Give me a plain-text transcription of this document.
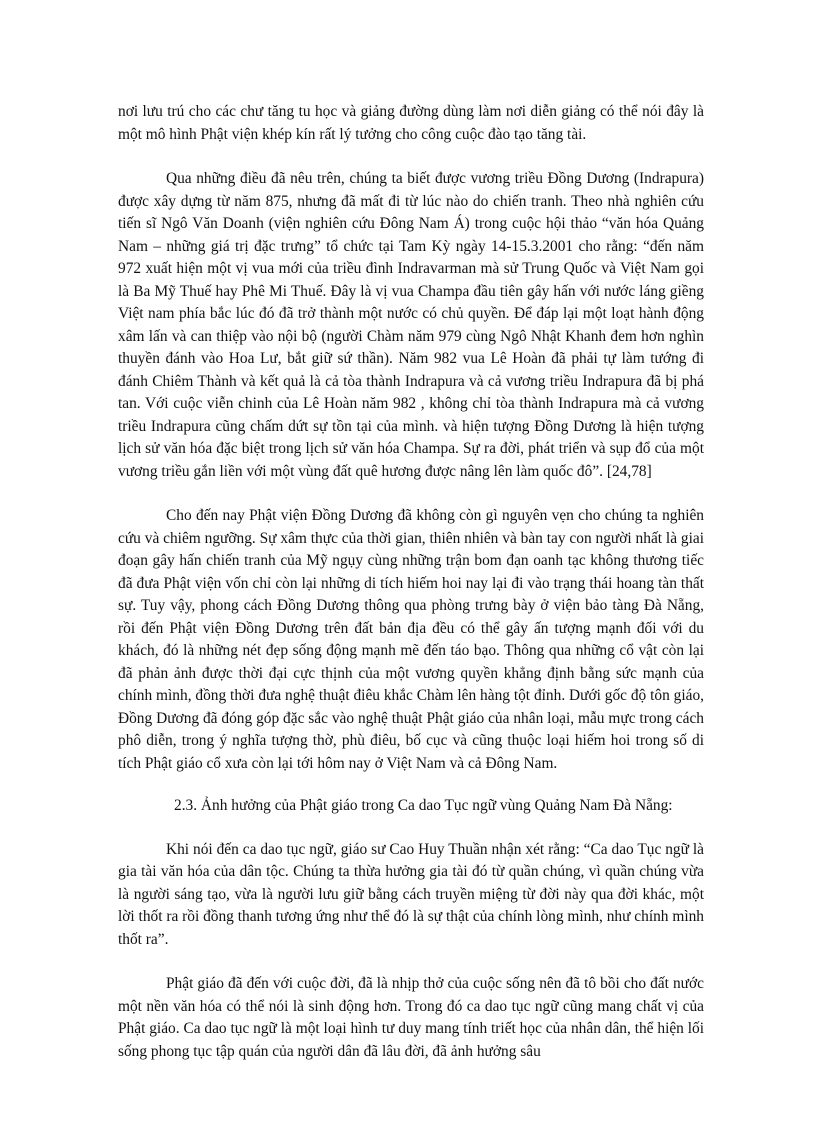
nơi lưu trú cho các chư tăng tu học và giảng đường dùng làm nơi diễn giảng có thể nói đây là một mô hình Phật viện khép kín rất lý tưởng cho công cuộc đào tạo tăng tài.

Qua những điều đã nêu trên, chúng ta biết được vương triều Đồng Dương (Indrapura) được xây dựng từ năm 875, nhưng đã mất đi từ lúc nào do chiến tranh. Theo nhà nghiên cứu tiến sĩ Ngô Văn Doanh (viện nghiên cứu Đông Nam Á) trong cuộc hội thảo “văn hóa Quảng Nam – những giá trị đặc trưng” tổ chức tại Tam Kỳ ngày 14-15.3.2001 cho rằng: “đến năm 972 xuất hiện một vị vua mới của triều đình Indravarman mà sử Trung Quốc và Việt Nam gọi là Ba Mỹ Thuế hay Phê Mi Thuế. Đây là vị vua Champa đầu tiên gây hấn với nước láng giềng Việt nam phía bắc lúc đó đã trở thành một nước có chủ quyền. Để đáp lại một loạt hành động xâm lấn và can thiệp vào nội bộ (người Chàm năm 979 cùng Ngô Nhật Khanh đem hơn nghìn thuyền đánh vào Hoa Lư, bắt giữ sứ thần). Năm 982 vua Lê Hoàn đã phải tự làm tướng đi đánh Chiêm Thành và kết quả là cả tòa thành Indrapura và cả vương triều Indrapura đã bị phá tan. Với cuộc viễn chinh của Lê Hoàn năm 982 , không chỉ tòa thành Indrapura mà cả vương triều Indrapura cũng chấm dứt sự tồn tại của mình. và hiện tượng Đồng Dương là hiện tượng lịch sử văn hóa đặc biệt trong lịch sử văn hóa Champa. Sự ra đời, phát triển và sụp đổ của một vương triều gắn liền với một vùng đất quê hương được nâng lên làm quốc đô”. [24,78]

Cho đến nay Phật viện Đồng Dương đã không còn gì nguyên vẹn cho chúng ta nghiên cứu và chiêm ngưỡng. Sự xâm thực của thời gian, thiên nhiên và bàn tay con người nhất là giai đoạn gây hấn chiến tranh của Mỹ ngụy cùng những trận bom đạn oanh tạc không thương tiếc đã đưa Phật viện vốn chỉ còn lại những di tích hiếm hoi nay lại đi vào trạng thái hoang tàn thất sự. Tuy vậy, phong cách Đồng Dương thông qua phòng trưng bày ở viện bảo tàng Đà Nẵng, rồi đến Phật viện Đồng Dương trên đất bản địa đều có thể gây ấn tượng mạnh đối với du khách, đó là những nét đẹp sống động mạnh mẽ đến táo bạo. Thông qua những cổ vật còn lại đã phản ảnh được thời đại cực thịnh của một vương quyền khẳng định bằng sức mạnh của chính mình, đồng thời đưa nghệ thuật điêu khắc Chàm lên hàng tột đỉnh. Dưới gốc độ tôn giáo, Đồng Dương đã đóng góp đặc sắc vào nghệ thuật Phật giáo của nhân loại, mẫu mực trong cách phô diễn, trong ý nghĩa tượng thờ, phù điêu, bố cục và cũng thuộc loại hiếm hoi trong số di tích Phật giáo cổ xưa còn lại tới hôm nay ở Việt Nam và cả Đông Nam.

2.3. Ảnh hưởng của Phật giáo trong Ca dao Tục ngữ vùng Quảng Nam Đà Nẵng:

Khi nói đến ca dao tục ngữ, giáo sư Cao Huy Thuần nhận xét rằng: “Ca dao Tục ngữ là gia tài văn hóa của dân tộc. Chúng ta thừa hưởng gia tài đó từ quần chúng, vì quần chúng vừa là người sáng tạo, vừa là người lưu giữ bằng cách truyền miệng từ đời này qua đời khác, một lời thốt ra rồi đồng thanh tương ứng như thể đó là sự thật của chính lòng mình, như chính mình thốt ra”.

Phật giáo đã đến với cuộc đời, đã là nhịp thở của cuộc sống nên đã tô bồi cho đất nước một nền văn hóa có thể nói là sinh động hơn. Trong đó ca dao tục ngữ cũng mang chất vị của Phật giáo. Ca dao tục ngữ là một loại hình tư duy mang tính triết học của nhân dân, thể hiện lối sống phong tục tập quán của người dân đã lâu đời, đã ảnh hưởng sâu
